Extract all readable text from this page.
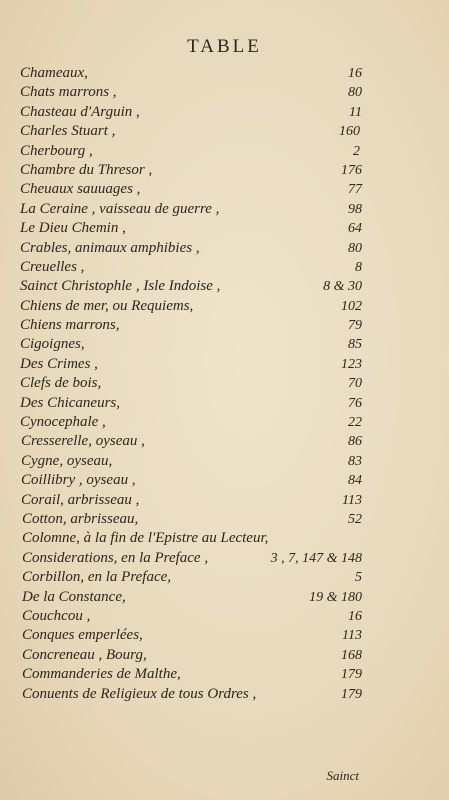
TABLE
Chameaux,	16
Chats marrons ,	80
Chasteau d'Arguin ,	11
Charles Stuart ,	160
Cherbourg ,	2
Chambre du Thresor ,	176
Cheuaux sauuages ,	77
La Ceraine , vaisseau de guerre ,	98
Le Dieu Chemin ,	64
Crables, animaux amphibies ,	80
Creuelles ,	8
Sainct Christophle , Isle Indoise ,	8 & 30
Chiens de mer, ou Requiems,	102
Chiens marrons,	79
Cigoignes,	85
Des Crimes ,	123
Clefs de bois,	70
Des Chicaneurs,	76
Cynocephale ,	22
Cresserelle, oyseau ,	86
Cygne, oyseau,	83
Coillibry , oyseau ,	84
Corail, arbrisseau ,	113
Cotton, arbrisseau,	52
Colomne, à la fin de l'Epistre au Lecteur,
Considerations, en la Preface ,	3 , 7, 147 & 148
Corbillon, en la Preface,	5
De la Constance,	19 & 180
Couchcou ,	16
Conques emperlées,	113
Concreneau , Bourg,	168
Commanderies de Malthe,	179
Conuents de Religieux de tous Ordres ,	179
Sainct
